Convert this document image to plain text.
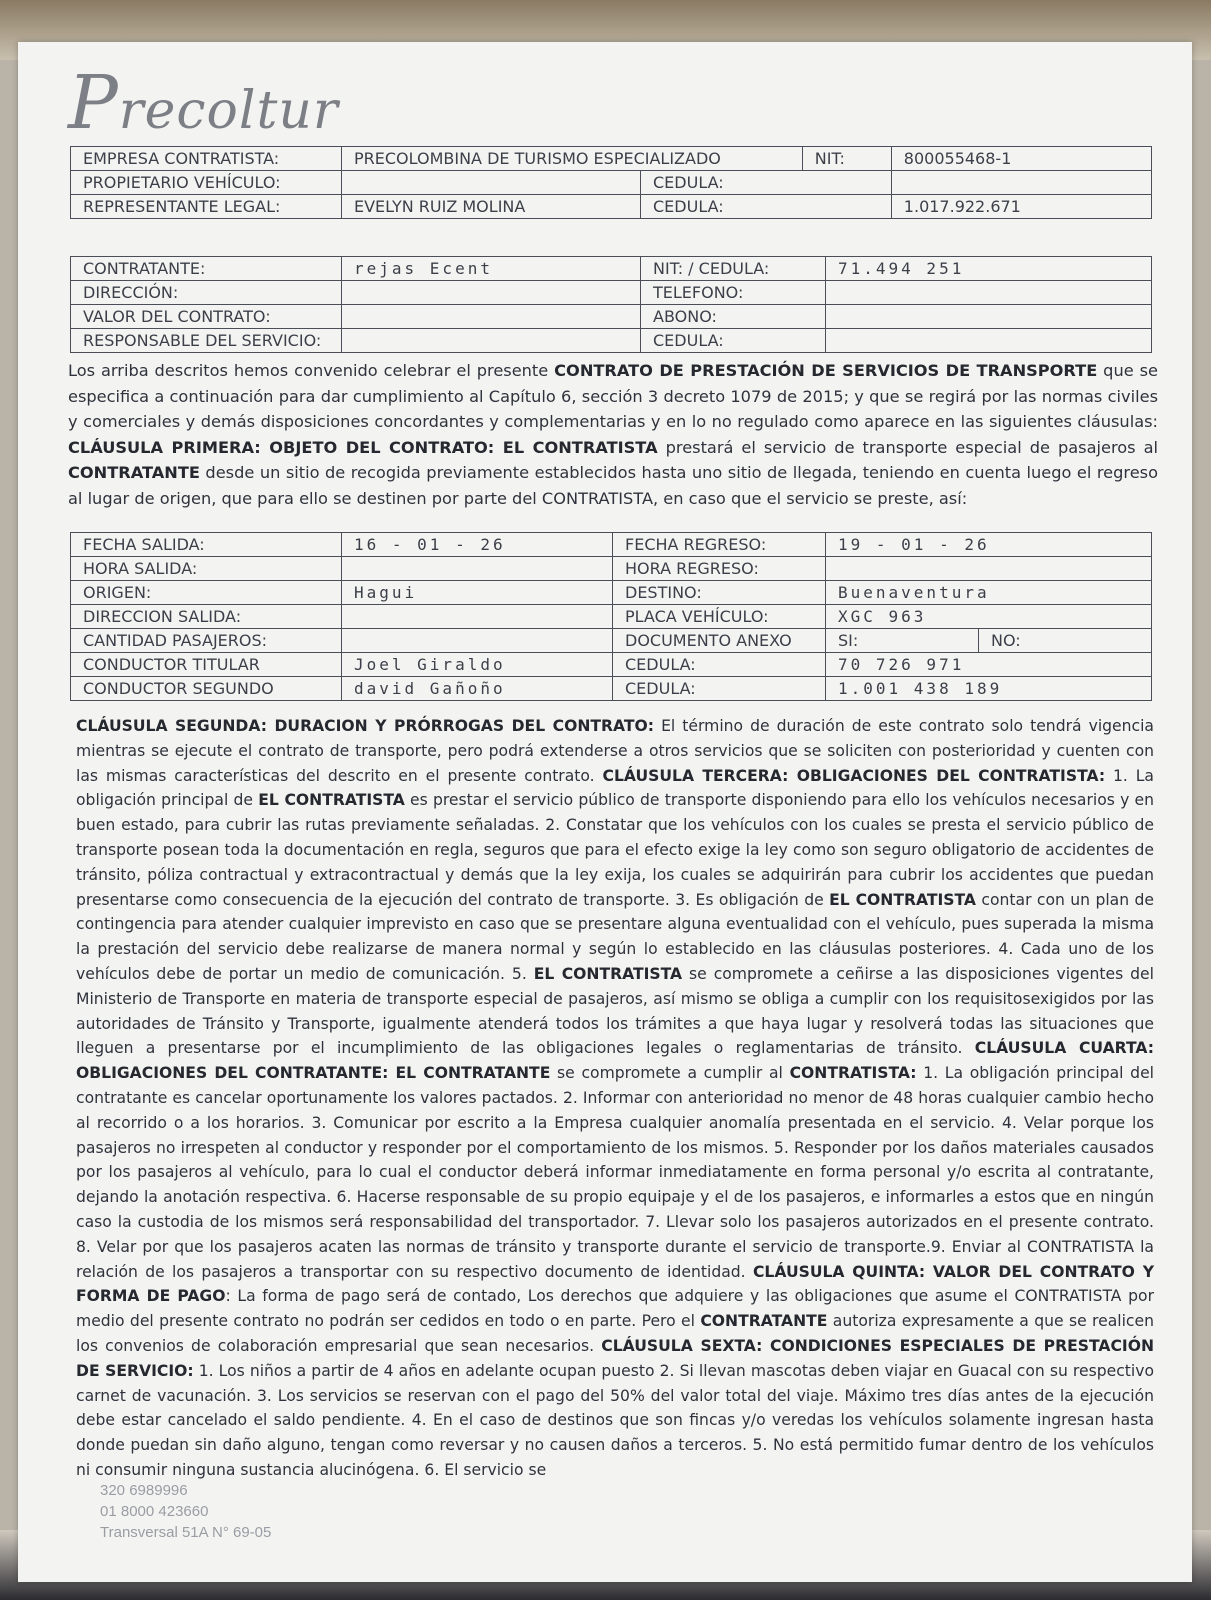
Precoltur
EMPRESA CONTRATISTA:	PRECOLOMBINA DE TURISMO ESPECIALIZADO		NIT:	800055468-1
PROPIETARIO VEHÍCULO:		CEDULA:		
REPRESENTANTE LEGAL:	EVELYN RUIZ MOLINA	CEDULA:		1.017.922.671
CONTRATANTE:	rejas Ecent	NIT: / CEDULA:	71.494 251
DIRECCIÓN:		TELEFONO:	
VALOR DEL CONTRATO:		ABONO:	
RESPONSABLE DEL SERVICIO:		CEDULA:	
Los arriba descritos hemos convenido celebrar el presente CONTRATO DE PRESTACIÓN DE SERVICIOS DE TRANSPORTE que se especifica a continuación para dar cumplimiento al Capítulo 6, sección 3 decreto 1079 de 2015; y que se regirá por las normas civiles y comerciales y demás disposiciones concordantes y complementarias y en lo no regulado como aparece en las siguientes cláusulas: CLÁUSULA PRIMERA: OBJETO DEL CONTRATO: EL CONTRATISTA prestará el servicio de transporte especial de pasajeros al CONTRATANTE desde un sitio de recogida previamente establecidos hasta uno sitio de llegada, teniendo en cuenta luego el regreso al lugar de origen, que para ello se destinen por parte del CONTRATISTA, en caso que el servicio se preste, así:
FECHA SALIDA:	16 - 01 - 26	FECHA REGRESO:	19 - 01 - 26	
HORA SALIDA:		HORA REGRESO:		
ORIGEN:	Hagui	DESTINO:	Buenaventura	
DIRECCION SALIDA:		PLACA VEHÍCULO:	XGC 963	
CANTIDAD PASAJEROS:		DOCUMENTO ANEXO	SI:	NO:
CONDUCTOR TITULAR	Joel Giraldo	CEDULA:	70 726 971	
CONDUCTOR SEGUNDO	david Gañoño	CEDULA:	1.001 438 189	
CLÁUSULA SEGUNDA: DURACION Y PRÓRROGAS DEL CONTRATO: El término de duración de este contrato solo tendrá vigencia mientras se ejecute el contrato de transporte, pero podrá extenderse a otros servicios que se soliciten con posterioridad y cuenten con las mismas características del descrito en el presente contrato. CLÁUSULA TERCERA: OBLIGACIONES DEL CONTRATISTA: 1. La obligación principal de EL CONTRATISTA es prestar el servicio público de transporte disponiendo para ello los vehículos necesarios y en buen estado, para cubrir las rutas previamente señaladas. 2. Constatar que los vehículos con los cuales se presta el servicio público de transporte posean toda la documentación en regla, seguros que para el efecto exige la ley como son seguro obligatorio de accidentes de tránsito, póliza contractual y extracontractual y demás que la ley exija, los cuales se adquirirán para cubrir los accidentes que puedan presentarse como consecuencia de la ejecución del contrato de transporte. 3. Es obligación de EL CONTRATISTA contar con un plan de contingencia para atender cualquier imprevisto en caso que se presentare alguna eventualidad con el vehículo, pues superada la misma la prestación del servicio debe realizarse de manera normal y según lo establecido en las cláusulas posteriores. 4. Cada uno de los vehículos debe de portar un medio de comunicación. 5. EL CONTRATISTA se compromete a ceñirse a las disposiciones vigentes del Ministerio de Transporte en materia de transporte especial de pasajeros, así mismo se obliga a cumplir con los requisitosexigidos por las autoridades de Tránsito y Transporte, igualmente atenderá todos los trámites a que haya lugar y resolverá todas las situaciones que lleguen a presentarse por el incumplimiento de las obligaciones legales o reglamentarias de tránsito. CLÁUSULA CUARTA: OBLIGACIONES DEL CONTRATANTE: EL CONTRATANTE se compromete a cumplir al CONTRATISTA: 1. La obligación principal del contratante es cancelar oportunamente los valores pactados. 2. Informar con anterioridad no menor de 48 horas cualquier cambio hecho al recorrido o a los horarios. 3. Comunicar por escrito a la Empresa cualquier anomalía presentada en el servicio. 4. Velar porque los pasajeros no irrespeten al conductor y responder por el comportamiento de los mismos. 5. Responder por los daños materiales causados por los pasajeros al vehículo, para lo cual el conductor deberá informar inmediatamente en forma personal y/o escrita al contratante, dejando la anotación respectiva. 6. Hacerse responsable de su propio equipaje y el de los pasajeros, e informarles a estos que en ningún caso la custodia de los mismos será responsabilidad del transportador. 7. Llevar solo los pasajeros autorizados en el presente contrato. 8. Velar por que los pasajeros acaten las normas de tránsito y transporte durante el servicio de transporte.9. Enviar al CONTRATISTA la relación de los pasajeros a transportar con su respectivo documento de identidad. CLÁUSULA QUINTA: VALOR DEL CONTRATO Y FORMA DE PAGO: La forma de pago será de contado, Los derechos que adquiere y las obligaciones que asume el CONTRATISTA por medio del presente contrato no podrán ser cedidos en todo o en parte. Pero el CONTRATANTE autoriza expresamente a que se realicen los convenios de colaboración empresarial que sean necesarios. CLÁUSULA SEXTA: CONDICIONES ESPECIALES DE PRESTACIÓN DE SERVICIO: 1. Los niños a partir de 4 años en adelante ocupan puesto 2. Si llevan mascotas deben viajar en Guacal con su respectivo carnet de vacunación. 3. Los servicios se reservan con el pago del 50% del valor total del viaje. Máximo tres días antes de la ejecución debe estar cancelado el saldo pendiente. 4. En el caso de destinos que son fincas y/o veredas los vehículos solamente ingresan hasta donde puedan sin daño alguno, tengan como reversar y no causen daños a terceros. 5. No está permitido fumar dentro de los vehículos ni consumir ninguna sustancia alucinógena. 6. El servicio se
320 6989996
01 8000 423660
Transversal 51A N° 69-05
